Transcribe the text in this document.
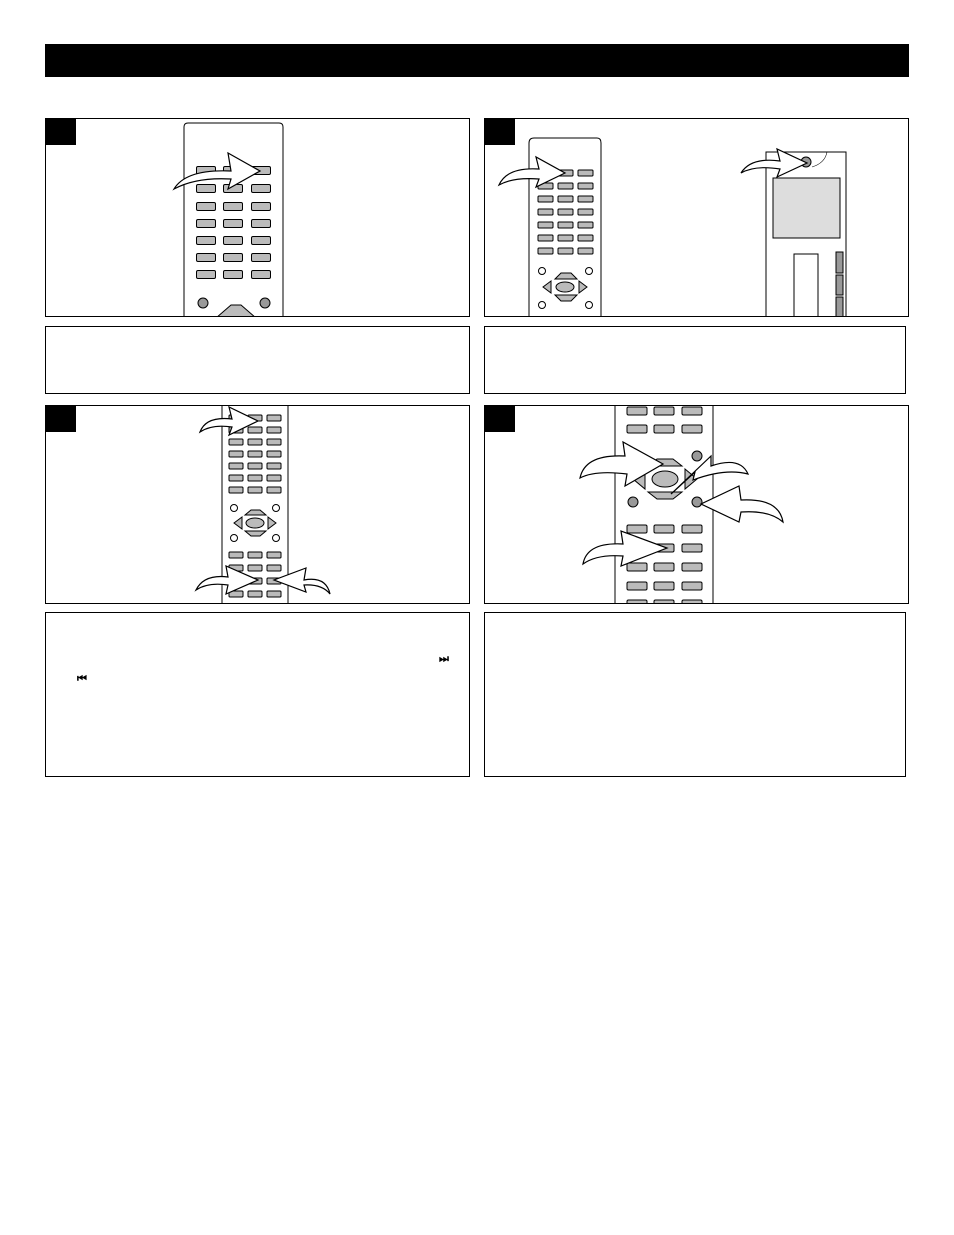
⏭
⏮
